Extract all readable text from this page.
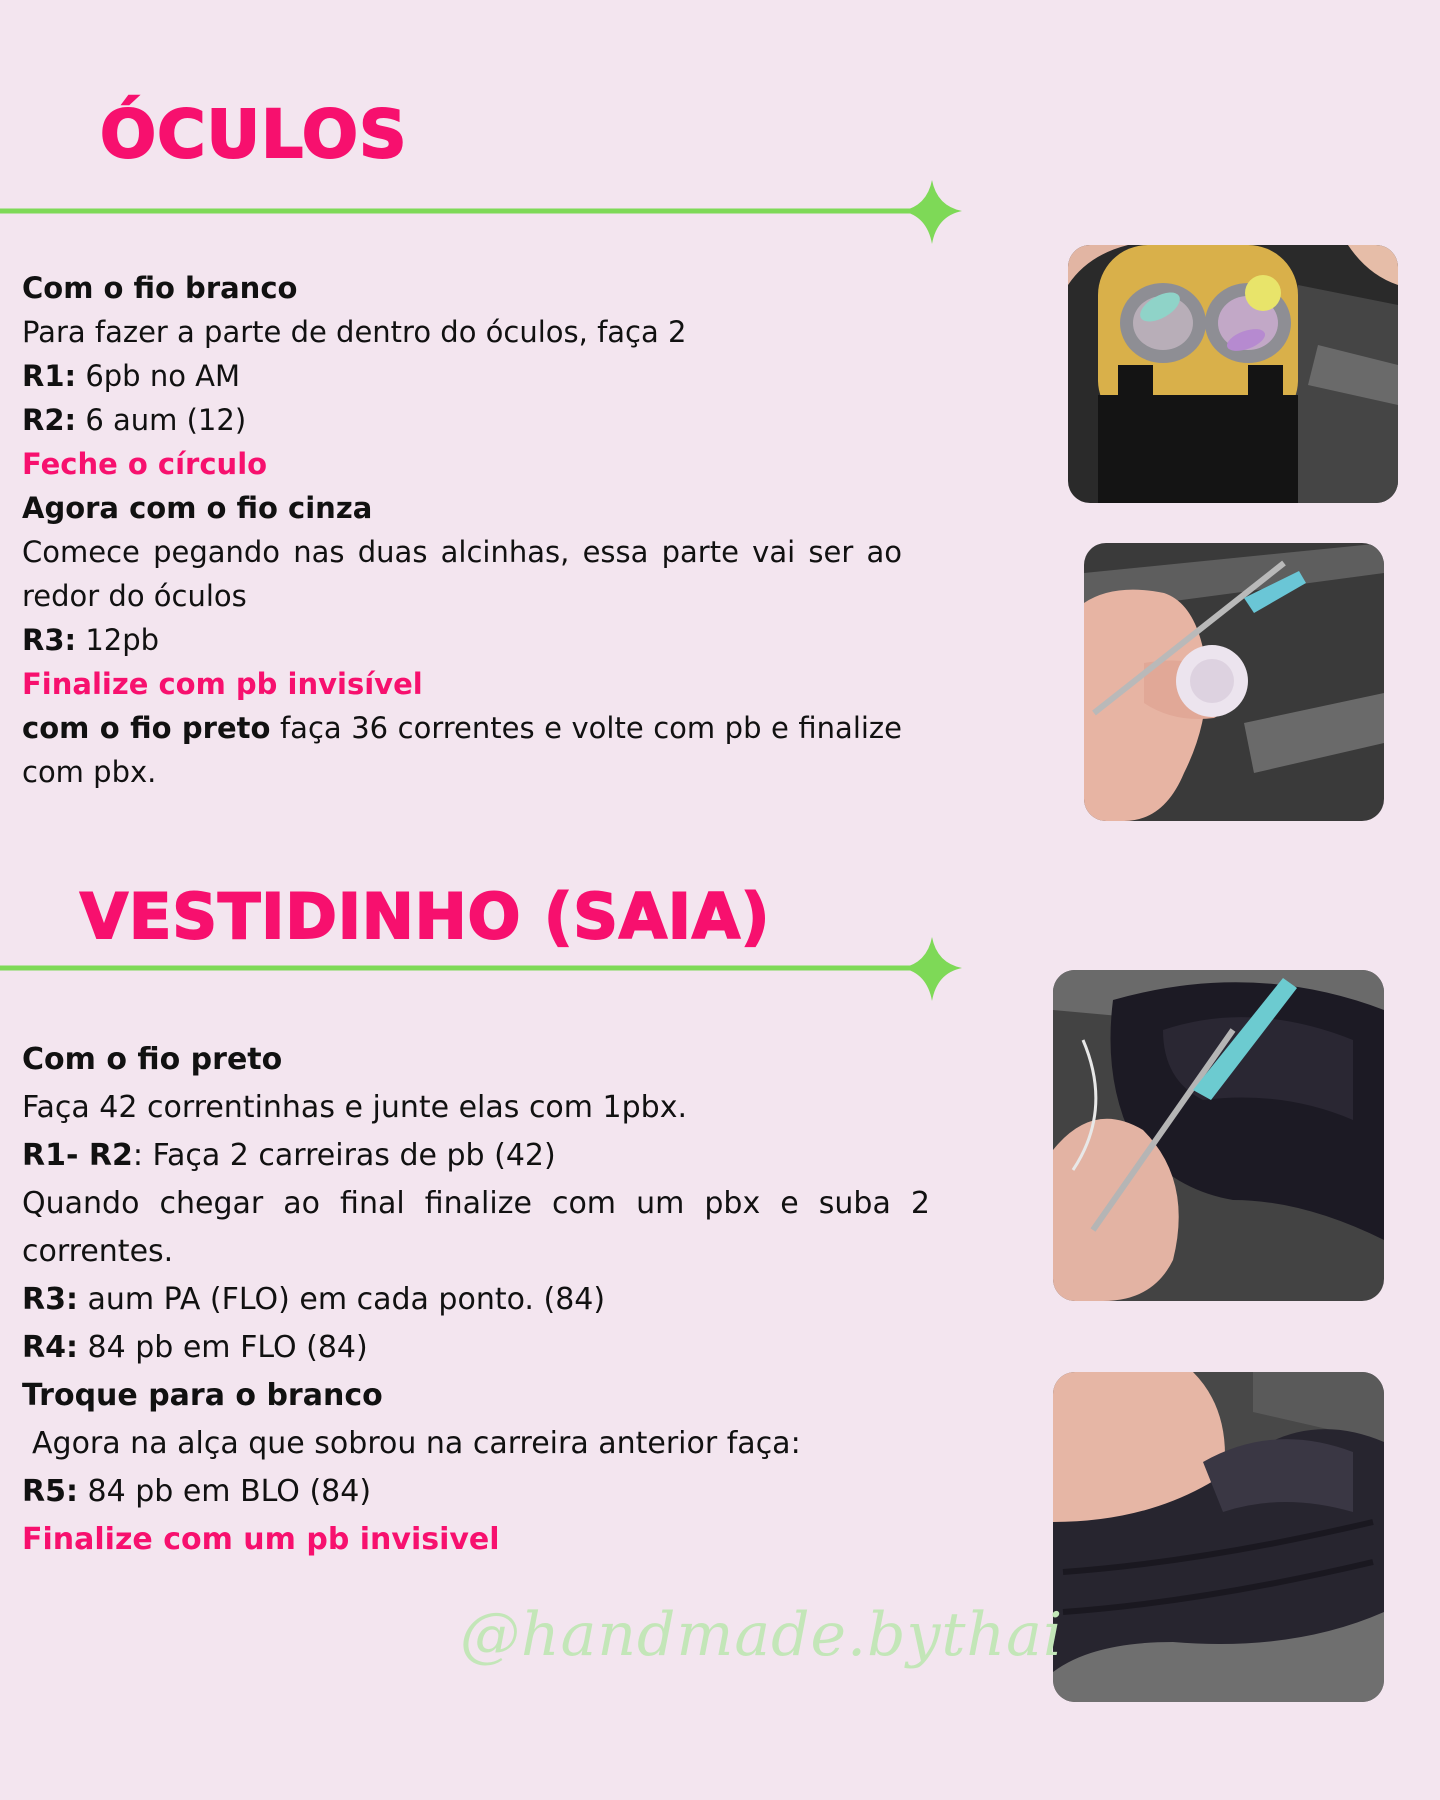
ÓCULOS

Com o fio branco

Para fazer a parte de dentro do óculos, faça 2

R1: 6pb no AM

R2: 6 aum (12)

Feche o círculo

Agora com o fio cinza

Comece pegando nas duas alcinhas, essa parte vai ser ao redor do óculos

R3: 12pb

Finalize com pb invisível

com o fio preto faça 36 correntes e volte com pb e finalize com pbx.

VESTIDINHO (SAIA)

Com o fio preto

Faça 42 correntinhas e junte elas com 1pbx.

R1- R2: Faça 2 carreiras de pb (42)

Quando chegar ao final finalize com um pbx e suba 2 correntes.

R3: aum PA (FLO) em cada ponto. (84)

R4: 84 pb em FLO (84)

Troque para o branco

Agora na alça que sobrou na carreira anterior faça:

R5: 84 pb em BLO (84)

Finalize com um pb invisivel

@handmade.bythai
